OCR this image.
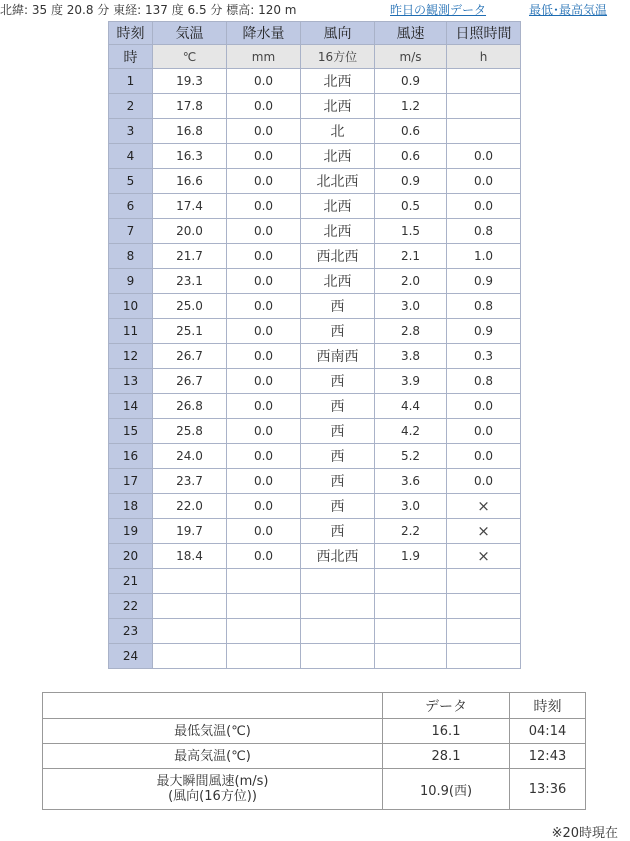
北緯: 35 度 20.8 分 東経: 137 度 6.5 分 標高: 120 m	昨日の観測データ	最低･最高気温
時刻	気温	降水量	風向	風速	日照時間
時	℃	mm	16方位	m/s	h
1	19.3	0.0	北西	0.9	
2	17.8	0.0	北西	1.2	
3	16.8	0.0	北	0.6	
4	16.3	0.0	北西	0.6	0.0
5	16.6	0.0	北北西	0.9	0.0
6	17.4	0.0	北西	0.5	0.0
7	20.0	0.0	北西	1.5	0.8
8	21.7	0.0	西北西	2.1	1.0
9	23.1	0.0	北西	2.0	0.9
10	25.0	0.0	西	3.0	0.8
11	25.1	0.0	西	2.8	0.9
12	26.7	0.0	西南西	3.8	0.3
13	26.7	0.0	西	3.9	0.8
14	26.8	0.0	西	4.4	0.0
15	25.8	0.0	西	4.2	0.0
16	24.0	0.0	西	5.2	0.0
17	23.7	0.0	西	3.6	0.0
18	22.0	0.0	西	3.0	×
19	19.7	0.0	西	2.2	×
20	18.4	0.0	西北西	1.9	×
21					
22					
23					
24					
	データ	時刻
最低気温(℃)	16.1	04:14
最高気温(℃)	28.1	12:43

最大瞬間風速(m/s)
(風向(16方位))	10.9(西)	13:36
※20時現在
